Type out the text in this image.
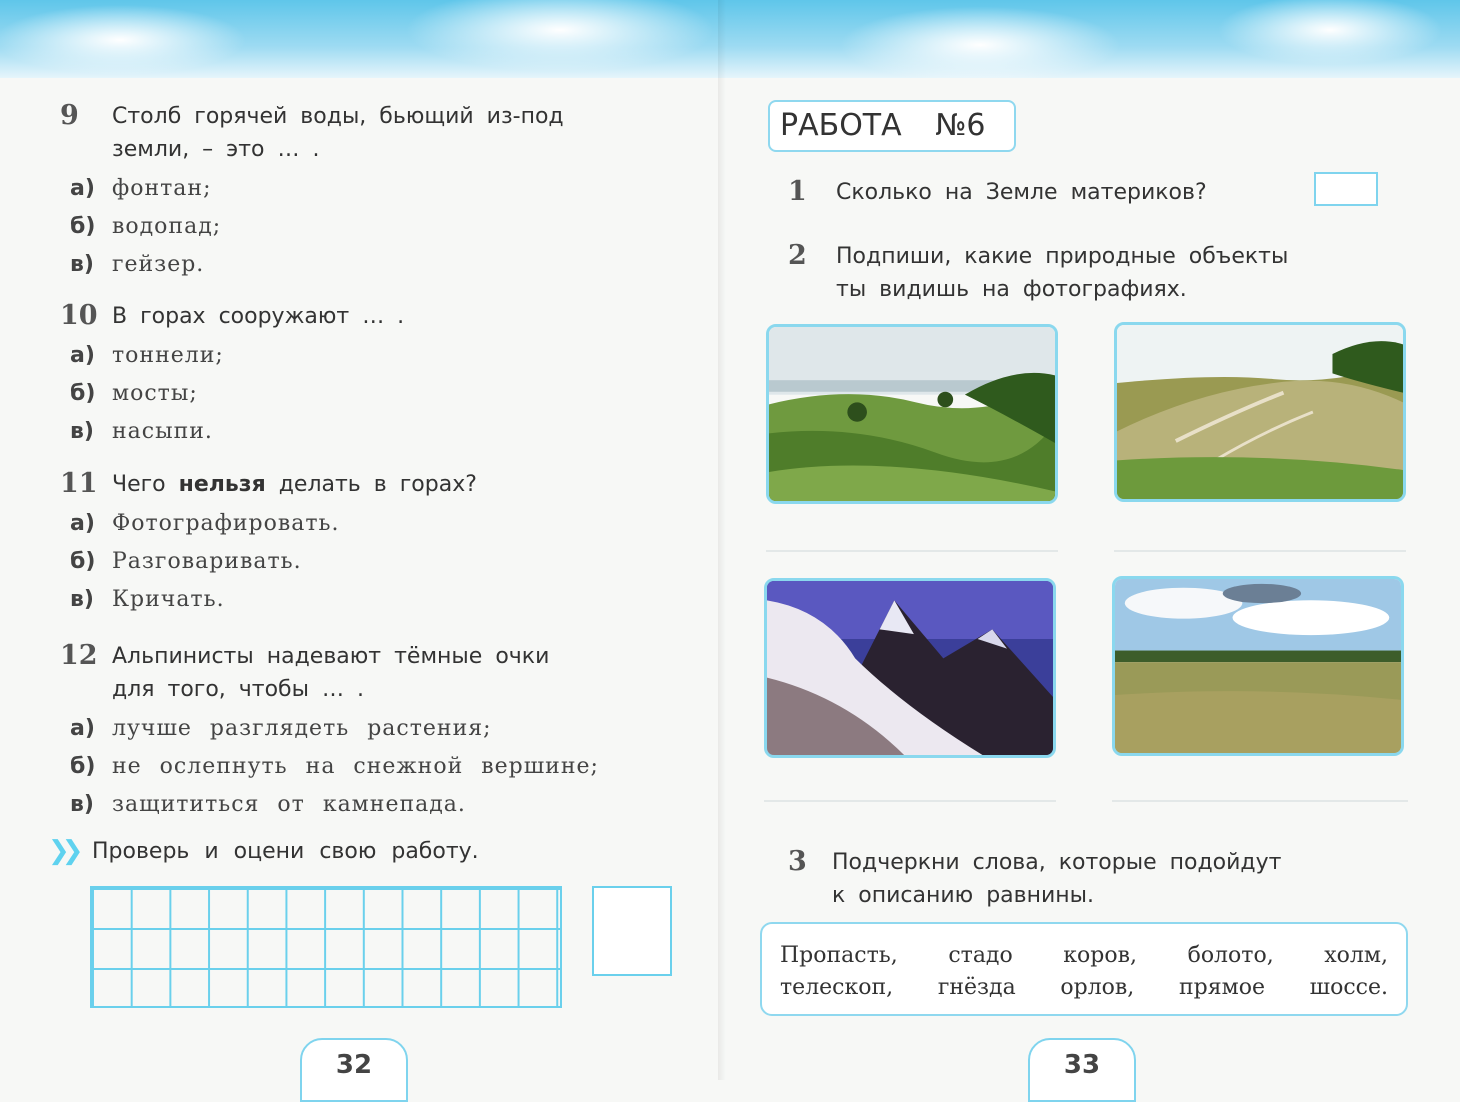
9	Столб горячей воды, бьющий из-под
земли, – это … .
а) фонтан;
б) водопад;
в) гейзер.
10 В горах сооружают … .
а) тоннели;
б) мосты;
в) насыпи.
11 Чего нельзя делать в горах?
а) Фотографировать.
б) Разговаривать.
в) Кричать.
12 Альпинисты надевают тёмные очки
для того, чтобы … .
а) лучше разглядеть растения;
б) не ослепнуть на снежной вершине;
в) защититься от камнепада.
❯❯ Проверь и оцени свою работу.
32
РАБОТА №6
1	Сколько на Земле материков?
2	Подпиши, какие природные объекты
ты видишь на фотографиях.
3	Подчеркни слова, которые подойдут
к описанию равнины.
Пропасть, стадо коров, болото, холм,
телескоп, гнёзда орлов, прямое шоссе.
33
